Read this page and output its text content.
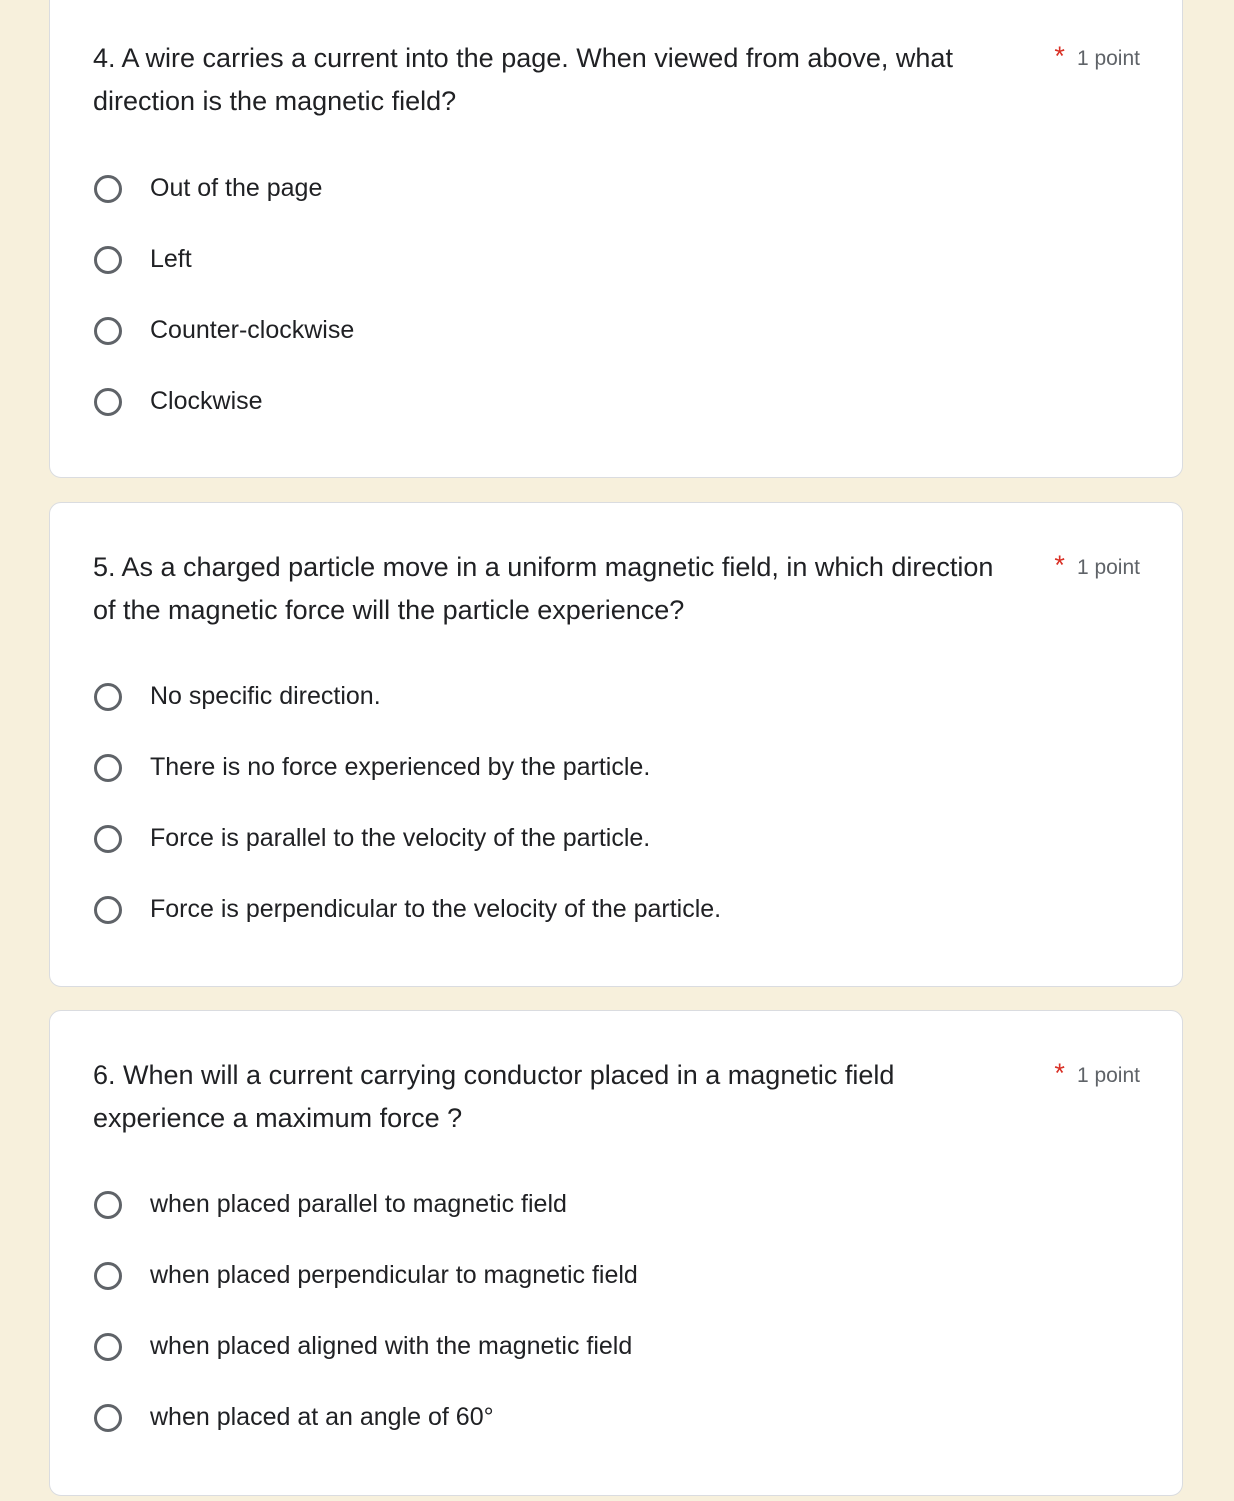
4. A wire carries a current into the page. When viewed from above, what direction is the magnetic field?
* 1 point
Out of the page
Left
Counter-clockwise
Clockwise
5. As a charged particle move in a uniform magnetic field, in which direction of the magnetic force will the particle experience?
* 1 point
No specific direction.
There is no force experienced by the particle.
Force is parallel to the velocity of the particle.
Force is perpendicular to the velocity of the particle.
6. When will a current carrying conductor placed in a magnetic field experience a maximum force ?
* 1 point
when placed parallel to magnetic field
when placed perpendicular to magnetic field
when placed aligned with the magnetic field
when placed at an angle of 60°
